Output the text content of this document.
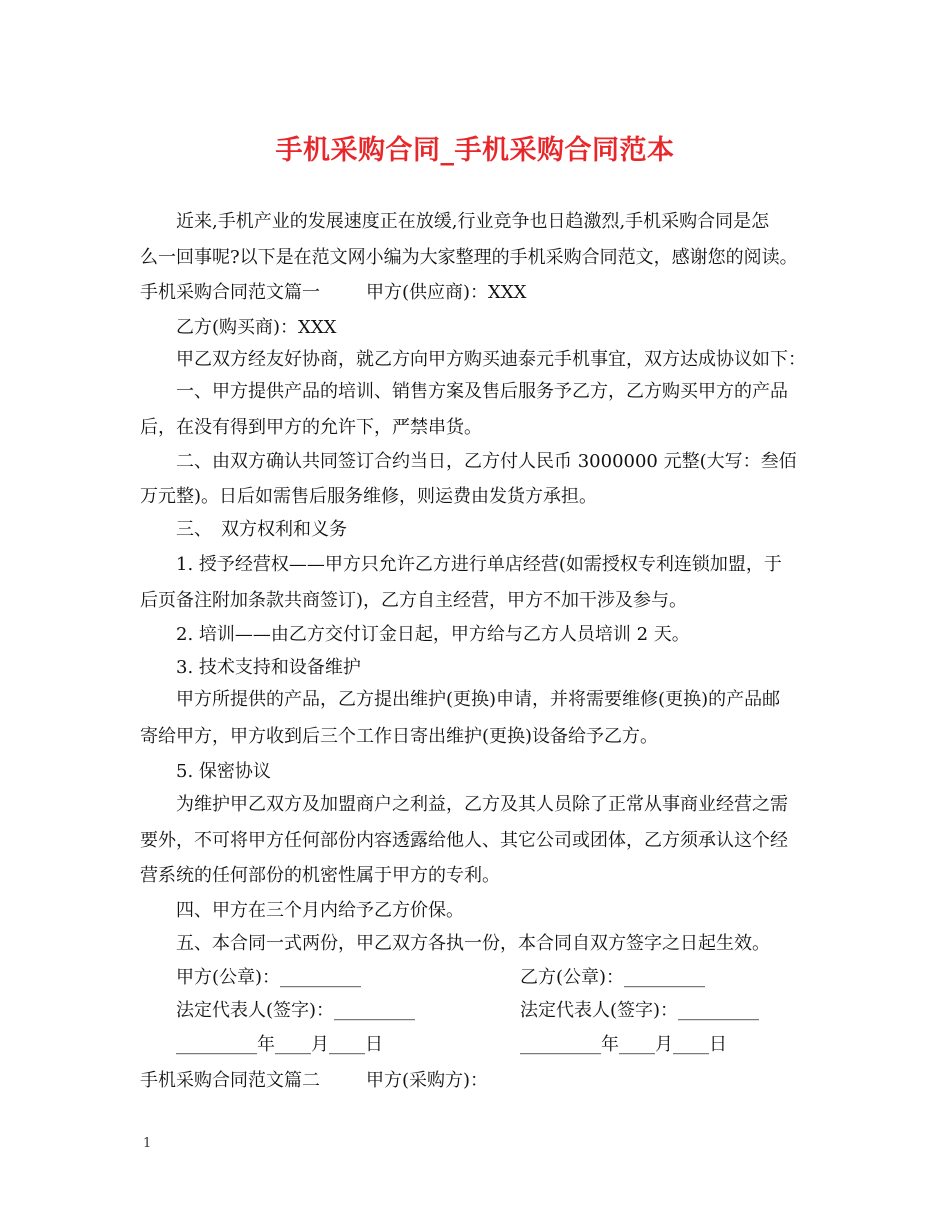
手机采购合同_手机采购合同范本
近来,手机产业的发展速度正在放缓,行业竞争也日趋激烈,手机采购合同是怎
么一回事呢?以下是在范文网小编为大家整理的手机采购合同范文，感谢您的阅读。
手机采购合同范文篇一	甲方(供应商)：XXX
乙方(购买商)：XXX
甲乙双方经友好协商，就乙方向甲方购买迪泰元手机事宜，双方达成协议如下：
一、甲方提供产品的培训、销售方案及售后服务予乙方，乙方购买甲方的产品
后，在没有得到甲方的允许下，严禁串货。
二、由双方确认共同签订合约当日，乙方付人民币 3000000 元整(大写：叁佰
万元整)。日后如需售后服务维修，则运费由发货方承担。
三、　双方权利和义务
1. 授予经营权——甲方只允许乙方进行单店经营(如需授权专利连锁加盟，于
后页备注附加条款共商签订)，乙方自主经营，甲方不加干涉及参与。
2. 培训——由乙方交付订金日起，甲方给与乙方人员培训 2 天。
3. 技术支持和设备维护
甲方所提供的产品，乙方提出维护(更换)申请，并将需要维修(更换)的产品邮
寄给甲方，甲方收到后三个工作日寄出维护(更换)设备给予乙方。
5. 保密协议
为维护甲乙双方及加盟商户之利益，乙方及其人员除了正常从事商业经营之需
要外，不可将甲方任何部份内容透露给他人、其它公司或团体，乙方须承认这个经
营系统的任何部份的机密性属于甲方的专利。
四、甲方在三个月内给予乙方价保。
五、本合同一式两份，甲乙双方各执一份，本合同自双方签字之日起生效。
甲方(公章)：_________	乙方(公章)：_________
法定代表人(签字)：_________	法定代表人(签字)：_________
_________年____月____日	_________年____月____日
手机采购合同范文篇二	甲方(采购方)：
1
